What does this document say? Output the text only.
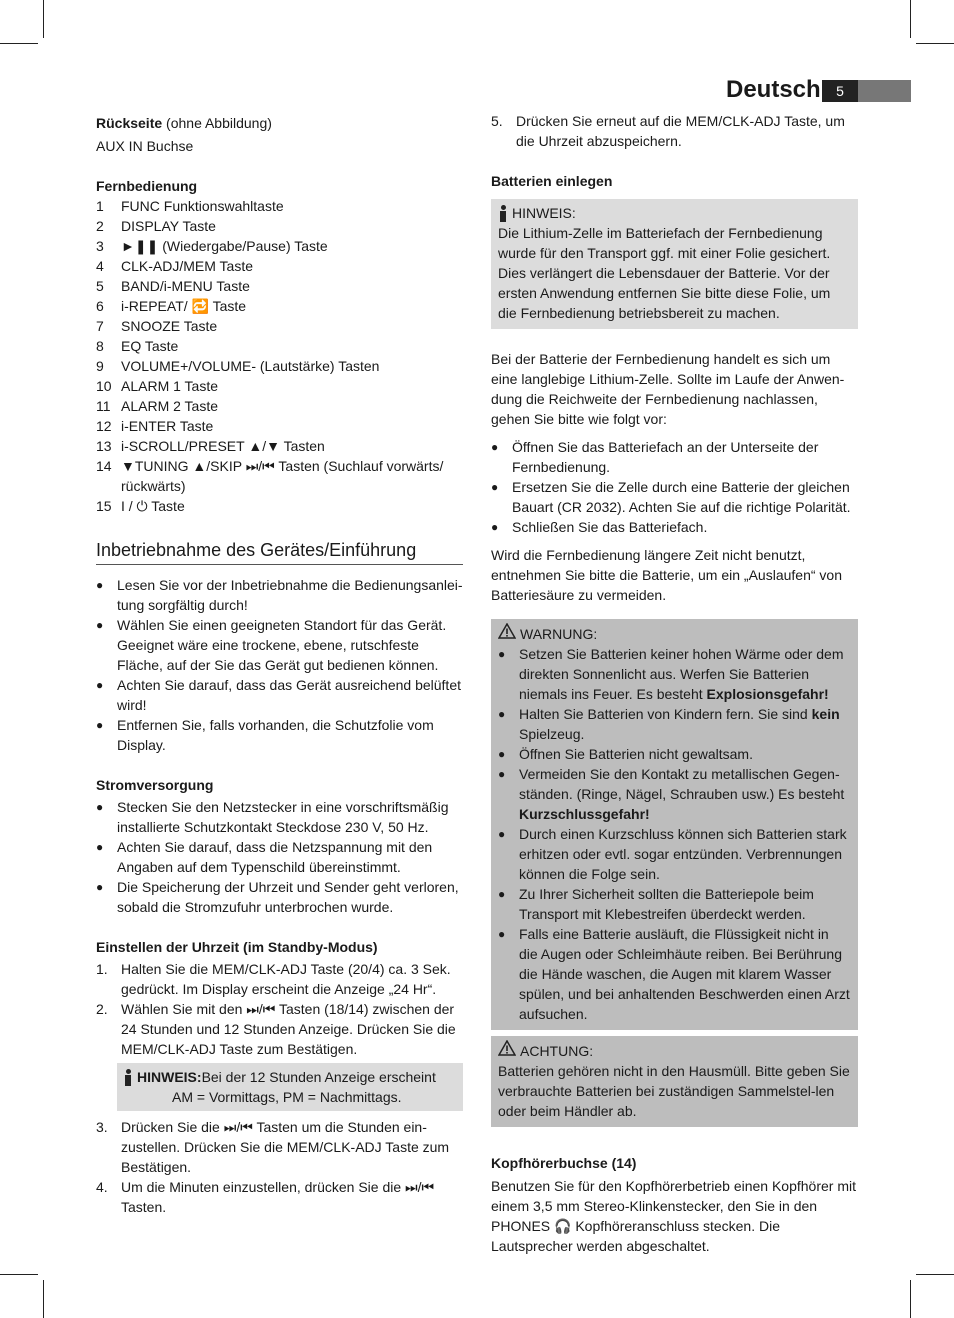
Deutsch	5

Rückseite (ohne Abbildung)

AUX IN Buchse

Fernbedienung

1	FUNC Funktionswahltaste
2	DISPLAY Taste
3	►❚❚ (Wiedergabe/Pause) Taste
4	CLK-ADJ/MEM Taste
5	BAND/i-MENU Taste
6	i-REPEAT/ 🔁 Taste
7	SNOOZE Taste
8	EQ Taste
9	VOLUME+/VOLUME- (Lautstärke) Tasten
10 ALARM 1 Taste
11 ALARM 2 Taste
12 i-ENTER Taste
13 i-SCROLL/PRESET ▲/▼ Tasten
14 ▼TUNING ▲/SKIP ⏭/⏮ Tasten (Suchlauf vorwärts/ rückwärts)
15 I / ⏻ Taste
Inbetriebnahme des Gerätes/Einführung
● Lesen Sie vor der Inbetriebnahme die Bedienungsanlei-tung sorgfältig durch!
● Wählen Sie einen geeigneten Standort für das Gerät. Geeignet wäre eine trockene, ebene, rutschfeste Fläche, auf der Sie das Gerät gut bedienen können.
● Achten Sie darauf, dass das Gerät ausreichend belüftet wird!
● Entfernen Sie, falls vorhanden, die Schutzfolie vom Display.

Stromversorgung

● Stecken Sie den Netzstecker in eine vorschriftsmäßig installierte Schutzkontakt Steckdose 230 V, 50 Hz.
● Achten Sie darauf, dass die Netzspannung mit den Angaben auf dem Typenschild übereinstimmt.
● Die Speicherung der Uhrzeit und Sender geht verloren, sobald die Stromzufuhr unterbrochen wurde.

Einstellen der Uhrzeit (im Standby-Modus)

1. Halten Sie die MEM/CLK-ADJ Taste (20/4) ca. 3 Sek. gedrückt. Im Display erscheint die Anzeige „24 Hr“.
2. Wählen Sie mit den ⏭/⏮ Tasten (18/14) zwischen der 24 Stunden und 12 Stunden Anzeige. Drücken Sie die MEM/CLK-ADJ Taste zum Bestätigen.
HINWEIS: Bei der 12 Stunden Anzeige erscheint

AM = Vormittags, PM = Nachmittags.

3. Drücken Sie die ⏭/⏮ Tasten um die Stunden ein-zustellen. Drücken Sie die MEM/CLK-ADJ Taste zum Bestätigen.
4. Um die Minuten einzustellen, drücken Sie die ⏭/⏮ Tasten.
5. Drücken Sie erneut auf die MEM/CLK-ADJ Taste, um die Uhrzeit abzuspeichern.

Batterien einlegen

HINWEIS:

Die Lithium-Zelle im Batteriefach der Fernbedienung wurde für den Transport ggf. mit einer Folie gesichert. Dies verlängert die Lebensdauer der Batterie. Vor der ersten Anwendung entfernen Sie bitte diese Folie, um die Fernbedienung betriebsbereit zu machen.

Bei der Batterie der Fernbedienung handelt es sich um eine langlebige Lithium-Zelle. Sollte im Laufe der Anwen-dung die Reichweite der Fernbedienung nachlassen, gehen Sie bitte wie folgt vor:

● Öffnen Sie das Batteriefach an der Unterseite der Fernbedienung.
● Ersetzen Sie die Zelle durch eine Batterie der gleichen Bauart (CR 2032). Achten Sie auf die richtige Polarität.
● Schließen Sie das Batteriefach.

Wird die Fernbedienung längere Zeit nicht benutzt, entnehmen Sie bitte die Batterie, um ein „Auslaufen“ von Batteriesäure zu vermeiden.

WARNUNG:
● Setzen Sie Batterien keiner hohen Wärme oder dem direkten Sonnenlicht aus. Werfen Sie Batterien niemals ins Feuer. Es besteht Explosionsgefahr!
● Halten Sie Batterien von Kindern fern. Sie sind kein Spielzeug.
● Öffnen Sie Batterien nicht gewaltsam.
● Vermeiden Sie den Kontakt zu metallischen Gegen-ständen. (Ringe, Nägel, Schrauben usw.) Es besteht Kurzschlussgefahr!
● Durch einen Kurzschluss können sich Batterien stark erhitzen oder evtl. sogar entzünden. Verbrennungen können die Folge sein.
● Zu Ihrer Sicherheit sollten die Batteriepole beim Transport mit Klebestreifen überdeckt werden.
● Falls eine Batterie ausläuft, die Flüssigkeit nicht in die Augen oder Schleimhäute reiben. Bei Berührung die Hände waschen, die Augen mit klarem Wasser spülen, und bei anhaltenden Beschwerden einen Arzt aufsuchen.
ACHTUNG:

Batterien gehören nicht in den Hausmüll. Bitte geben Sie verbrauchte Batterien bei zuständigen Sammelstel-len oder beim Händler ab.

Kopfhörerbuchse (14)

Benutzen Sie für den Kopfhörerbetrieb einen Kopfhörer mit einem 3,5 mm Stereo-Klinkenstecker, den Sie in den PHONES 🎧 Kopfhöreranschluss stecken. Die Lautsprecher werden abgeschaltet.
